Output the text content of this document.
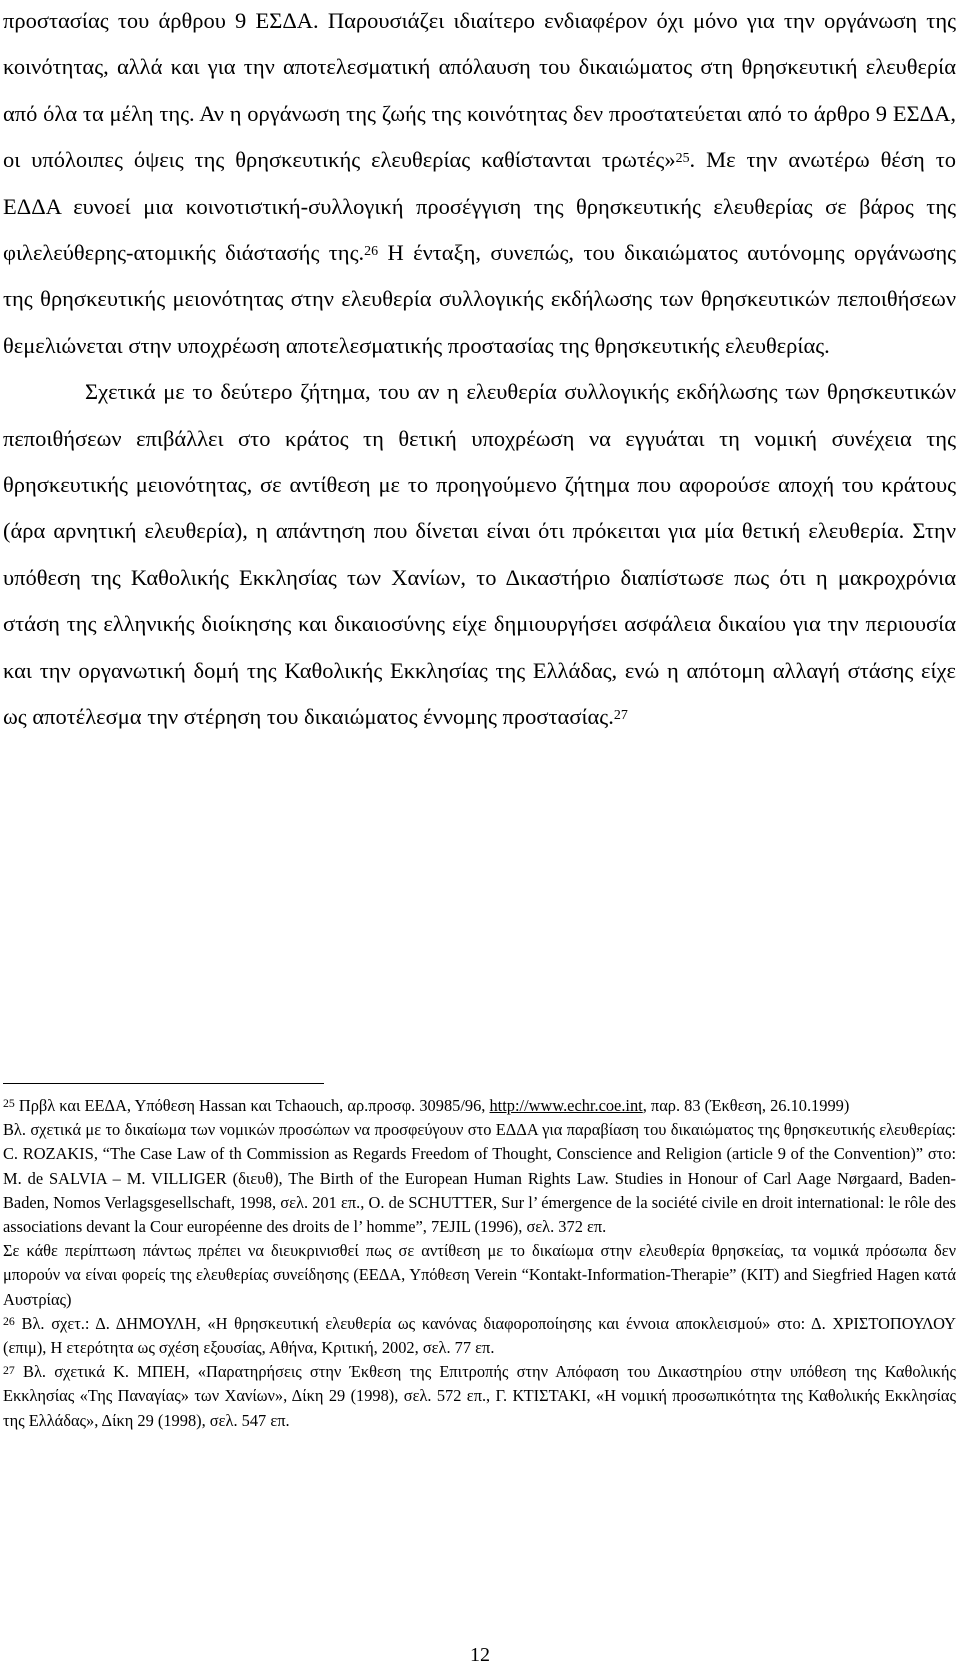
προστασίας του άρθρου 9 ΕΣΔΑ. Παρουσιάζει ιδιαίτερο ενδιαφέρον όχι μόνο για την οργάνωση της κοινότητας, αλλά και για την αποτελεσματική απόλαυση του δικαιώματος στη θρησκευτική ελευθερία από όλα τα μέλη της. Αν η οργάνωση της ζωής της κοινότητας δεν προστατεύεται από το άρθρο 9 ΕΣΔΑ, οι υπόλοιπες όψεις της θρησκευτικής ελευθερίας καθίστανται τρωτές»$^{25}$. Με την ανωτέρω θέση το ΕΔΔΑ ευνοεί μια κοινοτιστική-συλλογική προσέγγιση της θρησκευτικής ελευθερίας σε βάρος της φιλελεύθερης-ατομικής διάστασής της.$^{26}$ Η ένταξη, συνεπώς, του δικαιώματος αυτόνομης οργάνωσης της θρησκευτικής μειονότητας στην ελευθερία συλλογικής εκδήλωσης των θρησκευτικών πεποιθήσεων θεμελιώνεται στην υποχρέωση αποτελεσματικής προστασίας της θρησκευτικής ελευθερίας.

Σχετικά με το δεύτερο ζήτημα, του αν η ελευθερία συλλογικής εκδήλωσης των θρησκευτικών πεποιθήσεων επιβάλλει στο κράτος τη θετική υποχρέωση να εγγυάται τη νομική συνέχεια της θρησκευτικής μειονότητας, σε αντίθεση με το προηγούμενο ζήτημα που αφορούσε αποχή του κράτους (άρα αρνητική ελευθερία), η απάντηση που δίνεται είναι ότι πρόκειται για μία θετική ελευθερία. Στην υπόθεση της Καθολικής Εκκλησίας των Χανίων, το Δικαστήριο διαπίστωσε πως ότι η μακροχρόνια στάση της ελληνικής διοίκησης και δικαιοσύνης είχε δημιουργήσει ασφάλεια δικαίου για την περιουσία και την οργανωτική δομή της Καθολικής Εκκλησίας της Ελλάδας, ενώ η απότομη αλλαγή στάσης είχε ως αποτέλεσμα την στέρηση του δικαιώματος έννομης προστασίας.$^{27}$

$^{25}$ Πρβλ και ΕΕΔΑ, Υπόθεση Hassan και Tchaouch, αρ.προσφ. 30985/96, http://www.echr.coe.int, παρ. 83 (Έκθεση, 26.10.1999)

Βλ. σχετικά με το δικαίωμα των νομικών προσώπων να προσφεύγουν στο ΕΔΔΑ για παραβίαση του δικαιώματος της θρησκευτικής ελευθερίας: C. ROZAKIS, “The Case Law of th Commission as Regards Freedom of Thought, Conscience and Religion (article 9 of the Convention)” στο: M. de SALVIA – M. VILLIGER (διευθ), The Birth of the European Human Rights Law. Studies in Honour of Carl Aage Nørgaard, Baden-Baden, Nomos Verlagsgesellschaft, 1998, σελ. 201 επ., O. de SCHUTTER, Sur l’ émergence de la société civile en droit international: le rôle des associations devant la Cour européenne des droits de l’ homme”, 7EJIL (1996), σελ. 372 επ.

Σε κάθε περίπτωση πάντως πρέπει να διευκρινισθεί πως σε αντίθεση με το δικαίωμα στην ελευθερία θρησκείας, τα νομικά πρόσωπα δεν μπορούν να είναι φορείς της ελευθερίας συνείδησης (ΕΕΔΑ, Υπόθεση Verein “Kontakt-Information-Therapie” (KIT) and Siegfried Hagen κατά Αυστρίας)

$^{26}$ Βλ. σχετ.: Δ. ΔΗΜΟΥΛΗ, «Η θρησκευτική ελευθερία ως κανόνας διαφοροποίησης και έννοια αποκλεισμού» στο: Δ. ΧΡΙΣΤΟΠΟΥΛΟΥ (επιμ), Η ετερότητα ως σχέση εξουσίας, Αθήνα, Κριτική, 2002, σελ. 77 επ.

$^{27}$ Βλ. σχετικά Κ. ΜΠΕΗ, «Παρατηρήσεις στην Έκθεση της Επιτροπής στην Απόφαση του Δικαστηρίου στην υπόθεση της Καθολικής Εκκλησίας «Της Παναγίας» των Χανίων», Δίκη 29 (1998), σελ. 572 επ., Γ. ΚΤΙΣΤΑΚΙ, «Η νομική προσωπικότητα της Καθολικής Εκκλησίας της Ελλάδας», Δίκη 29 (1998), σελ. 547 επ.

12
